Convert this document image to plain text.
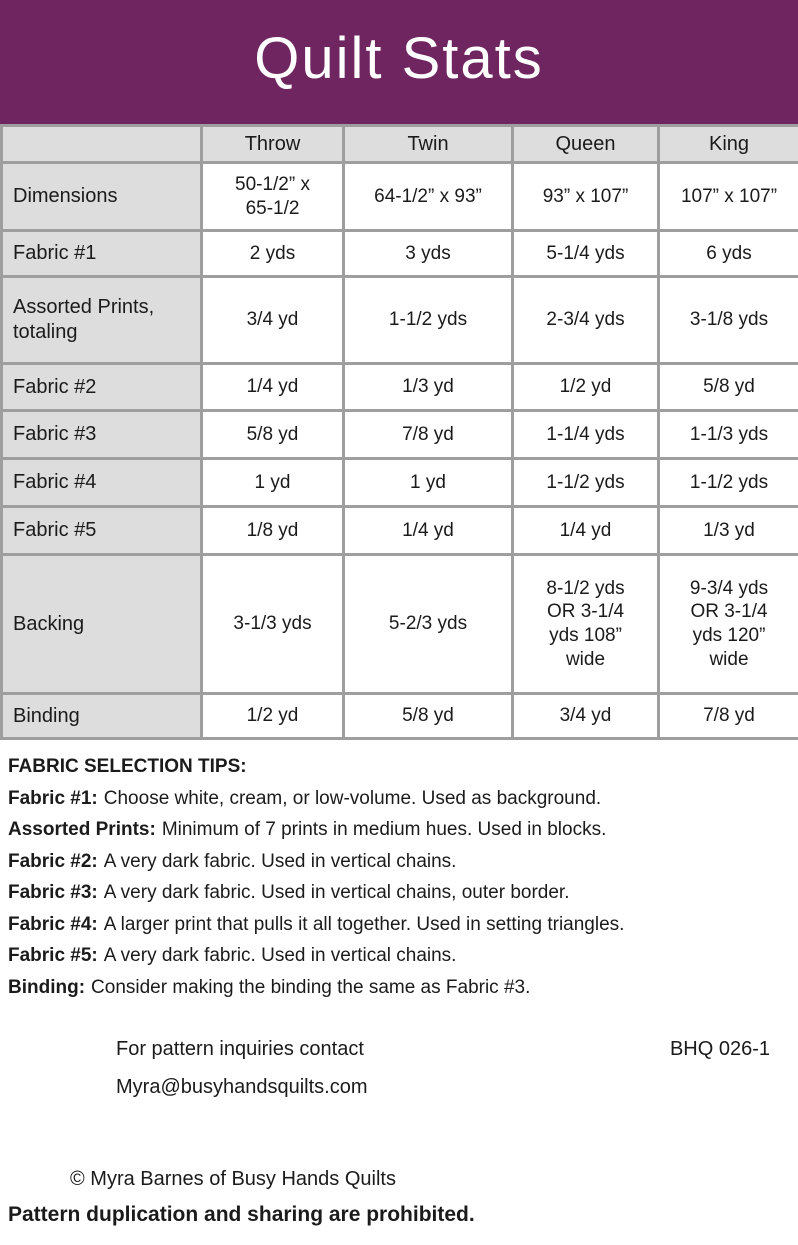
Quilt Stats
	Throw	Twin	Queen	King
Dimensions	50-1/2” x 65-1/2	64-1/2” x 93”	93” x 107”	107” x 107”
Fabric #1	2 yds	3 yds	5-1/4 yds	6 yds
Assorted Prints, totaling	3/4 yd	1-1/2 yds	2-3/4 yds	3-1/8 yds
Fabric #2	1/4 yd	1/3 yd	1/2 yd	5/8 yd
Fabric #3	5/8 yd	7/8 yd	1-1/4 yds	1-1/3 yds
Fabric #4	1 yd	1 yd	1-1/2 yds	1-1/2 yds
Fabric #5	1/8 yd	1/4 yd	1/4 yd	1/3 yd
Backing	3-1/3 yds	5-2/3 yds	8-1/2 yds OR 3-1/4 yds 108” wide	9-3/4 yds OR 3-1/4 yds 120” wide
Binding	1/2 yd	5/8 yd	3/4 yd	7/8 yd
FABRIC SELECTION TIPS:
Fabric #1: Choose white, cream, or low-volume. Used as background.
Assorted Prints: Minimum of 7 prints in medium hues. Used in blocks.
Fabric #2: A very dark fabric. Used in vertical chains.
Fabric #3: A very dark fabric. Used in vertical chains, outer border.
Fabric #4: A larger print that pulls it all together. Used in setting triangles.
Fabric #5: A very dark fabric. Used in vertical chains.
Binding: Consider making the binding the same as Fabric #3.
For pattern inquiries contact
Myra@busyhandsquilts.com
BHQ 026-1
© Myra Barnes of Busy Hands Quilts
Pattern duplication and sharing are prohibited.
